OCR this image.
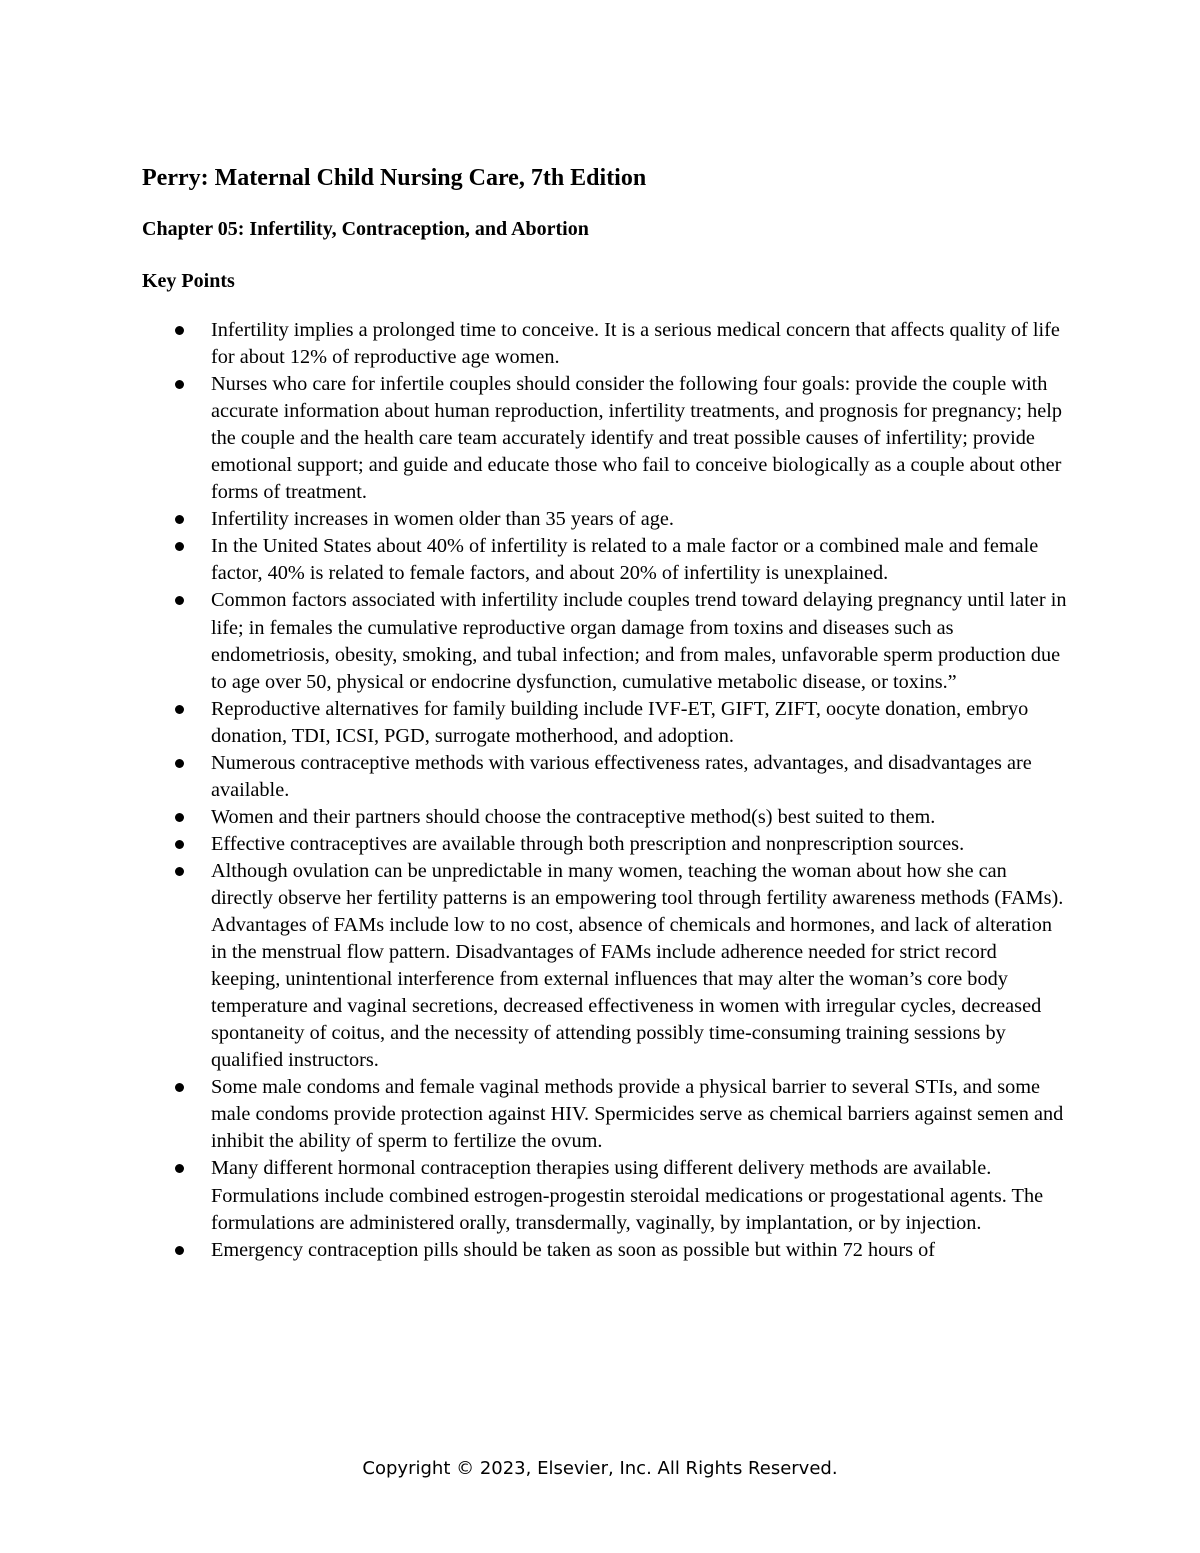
Perry: Maternal Child Nursing Care, 7th Edition
Chapter 05: Infertility, Contraception, and Abortion
Key Points
Infertility implies a prolonged time to conceive. It is a serious medical concern that affects quality of life for about 12% of reproductive age women.
Nurses who care for infertile couples should consider the following four goals: provide the couple with accurate information about human reproduction, infertility treatments, and prognosis for pregnancy; help the couple and the health care team accurately identify and treat possible causes of infertility; provide emotional support; and guide and educate those who fail to conceive biologically as a couple about other forms of treatment.
Infertility increases in women older than 35 years of age.
In the United States about 40% of infertility is related to a male factor or a combined male and female factor, 40% is related to female factors, and about 20% of infertility is unexplained.
Common factors associated with infertility include couples trend toward delaying pregnancy until later in life; in females the cumulative reproductive organ damage from toxins and diseases such as endometriosis, obesity, smoking, and tubal infection; and from males, unfavorable sperm production due to age over 50, physical or endocrine dysfunction, cumulative metabolic disease, or toxins.”
Reproductive alternatives for family building include IVF-ET, GIFT, ZIFT, oocyte donation, embryo donation, TDI, ICSI, PGD, surrogate motherhood, and adoption.
Numerous contraceptive methods with various effectiveness rates, advantages, and disadvantages are available.
Women and their partners should choose the contraceptive method(s) best suited to them.
Effective contraceptives are available through both prescription and nonprescription sources.
Although ovulation can be unpredictable in many women, teaching the woman about how she can directly observe her fertility patterns is an empowering tool through fertility awareness methods (FAMs). Advantages of FAMs include low to no cost, absence of chemicals and hormones, and lack of alteration in the menstrual flow pattern. Disadvantages of FAMs include adherence needed for strict record keeping, unintentional interference from external influences that may alter the woman’s core body temperature and vaginal secretions, decreased effectiveness in women with irregular cycles, decreased spontaneity of coitus, and the necessity of attending possibly time-consuming training sessions by qualified instructors.
Some male condoms and female vaginal methods provide a physical barrier to several STIs, and some male condoms provide protection against HIV. Spermicides serve as chemical barriers against semen and inhibit the ability of sperm to fertilize the ovum.
Many different hormonal contraception therapies using different delivery methods are available. Formulations include combined estrogen-progestin steroidal medications or progestational agents. The formulations are administered orally, transdermally, vaginally, by implantation, or by injection.
Emergency contraception pills should be taken as soon as possible but within 72 hours of

Copyright © 2023, Elsevier, Inc. All Rights Reserved.
